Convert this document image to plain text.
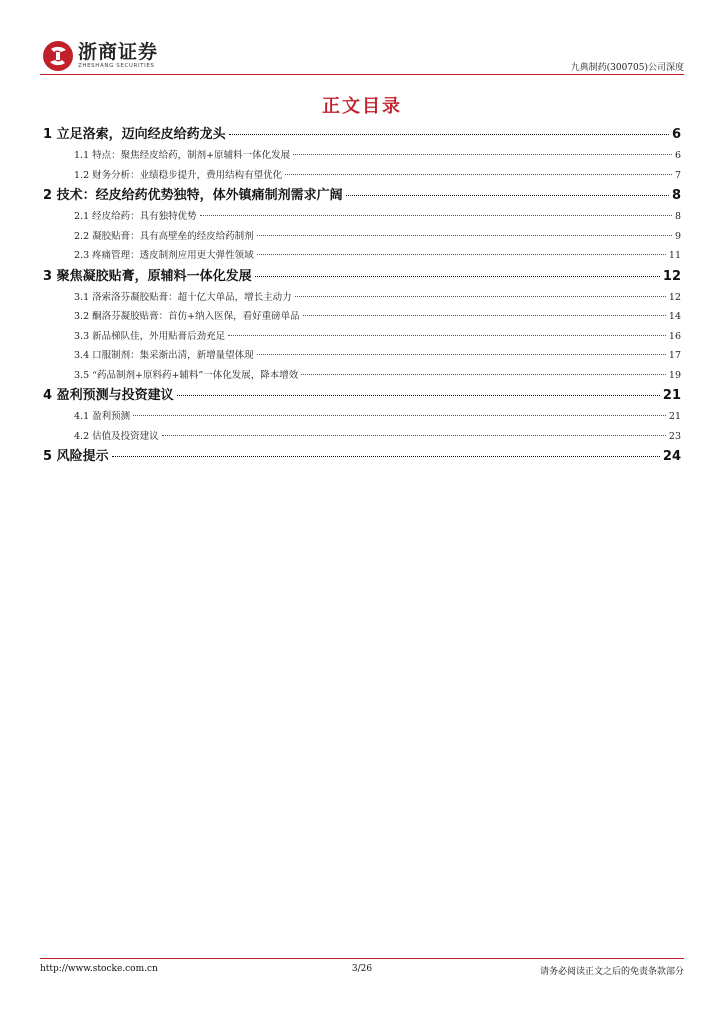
浙商证券
ZHESHANG SECURITIES	九典制药(300705)公司深度
正文目录
1 立足洛索，迈向经皮给药龙头	6
1.1 特点：聚焦经皮给药，制剂+原辅料一体化发展	6
1.2 财务分析：业绩稳步提升，费用结构有望优化	7
2 技术：经皮给药优势独特，体外镇痛制剂需求广阔	8
2.1 经皮给药：具有独特优势	8
2.2 凝胶贴膏：具有高壁垒的经皮给药制剂	9
2.3 疼痛管理：透皮制剂应用更大弹性领域	11
3 聚焦凝胶贴膏，原辅料一体化发展	12
3.1 洛索洛芬凝胶贴膏：超十亿大单品，增长主动力	12
3.2 酮洛芬凝胶贴膏：首仿+纳入医保，看好重磅单品	14
3.3 新品梯队佳，外用贴膏后劲充足	16
3.4 口服制剂：集采渐出清，新增量望体现	17
3.5 “药品制剂+原料药+辅料”一体化发展，降本增效	19
4 盈利预测与投资建议	21
4.1 盈利预测	21
4.2 估值及投资建议	23
5 风险提示	24
http://www.stocke.com.cn	3/26	请务必阅读正文之后的免责条款部分
